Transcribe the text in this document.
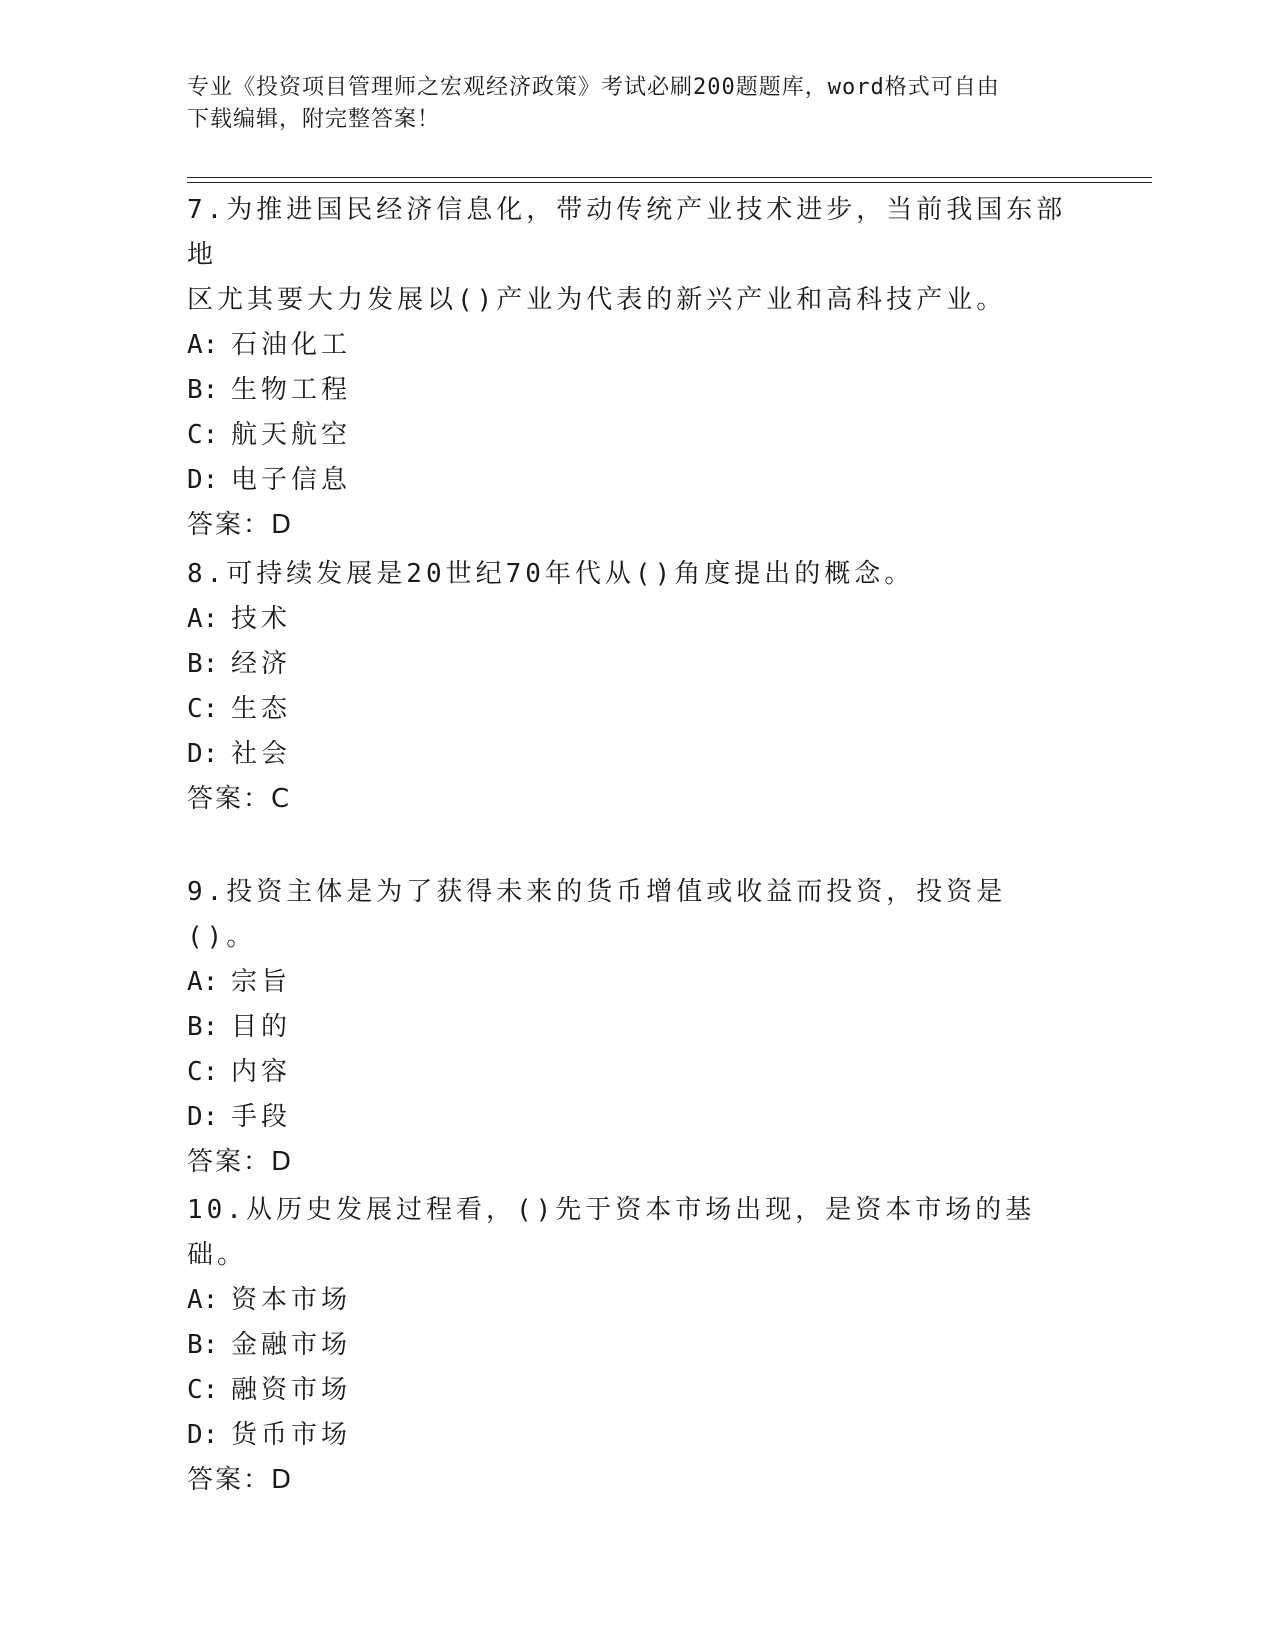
专业《投资项目管理师之宏观经济政策》考试必刷200题题库，word格式可自由
下载编辑，附完整答案！

7.为推进国民经济信息化，带动传统产业技术进步，当前我国东部地

区尤其要大力发展以()产业为代表的新兴产业和高科技产业。

A: 石油化工

B: 生物工程

C: 航天航空

D: 电子信息

答案：D

8.可持续发展是20世纪70年代从()角度提出的概念。

A: 技术

B: 经济

C: 生态

D: 社会

答案：C

9.投资主体是为了获得未来的货币增值或收益而投资，投资是()。

A: 宗旨

B: 目的

C: 内容

D: 手段

答案：D

10.从历史发展过程看，()先于资本市场出现，是资本市场的基础。

A: 资本市场

B: 金融市场

C: 融资市场

D: 货币市场

答案：D
